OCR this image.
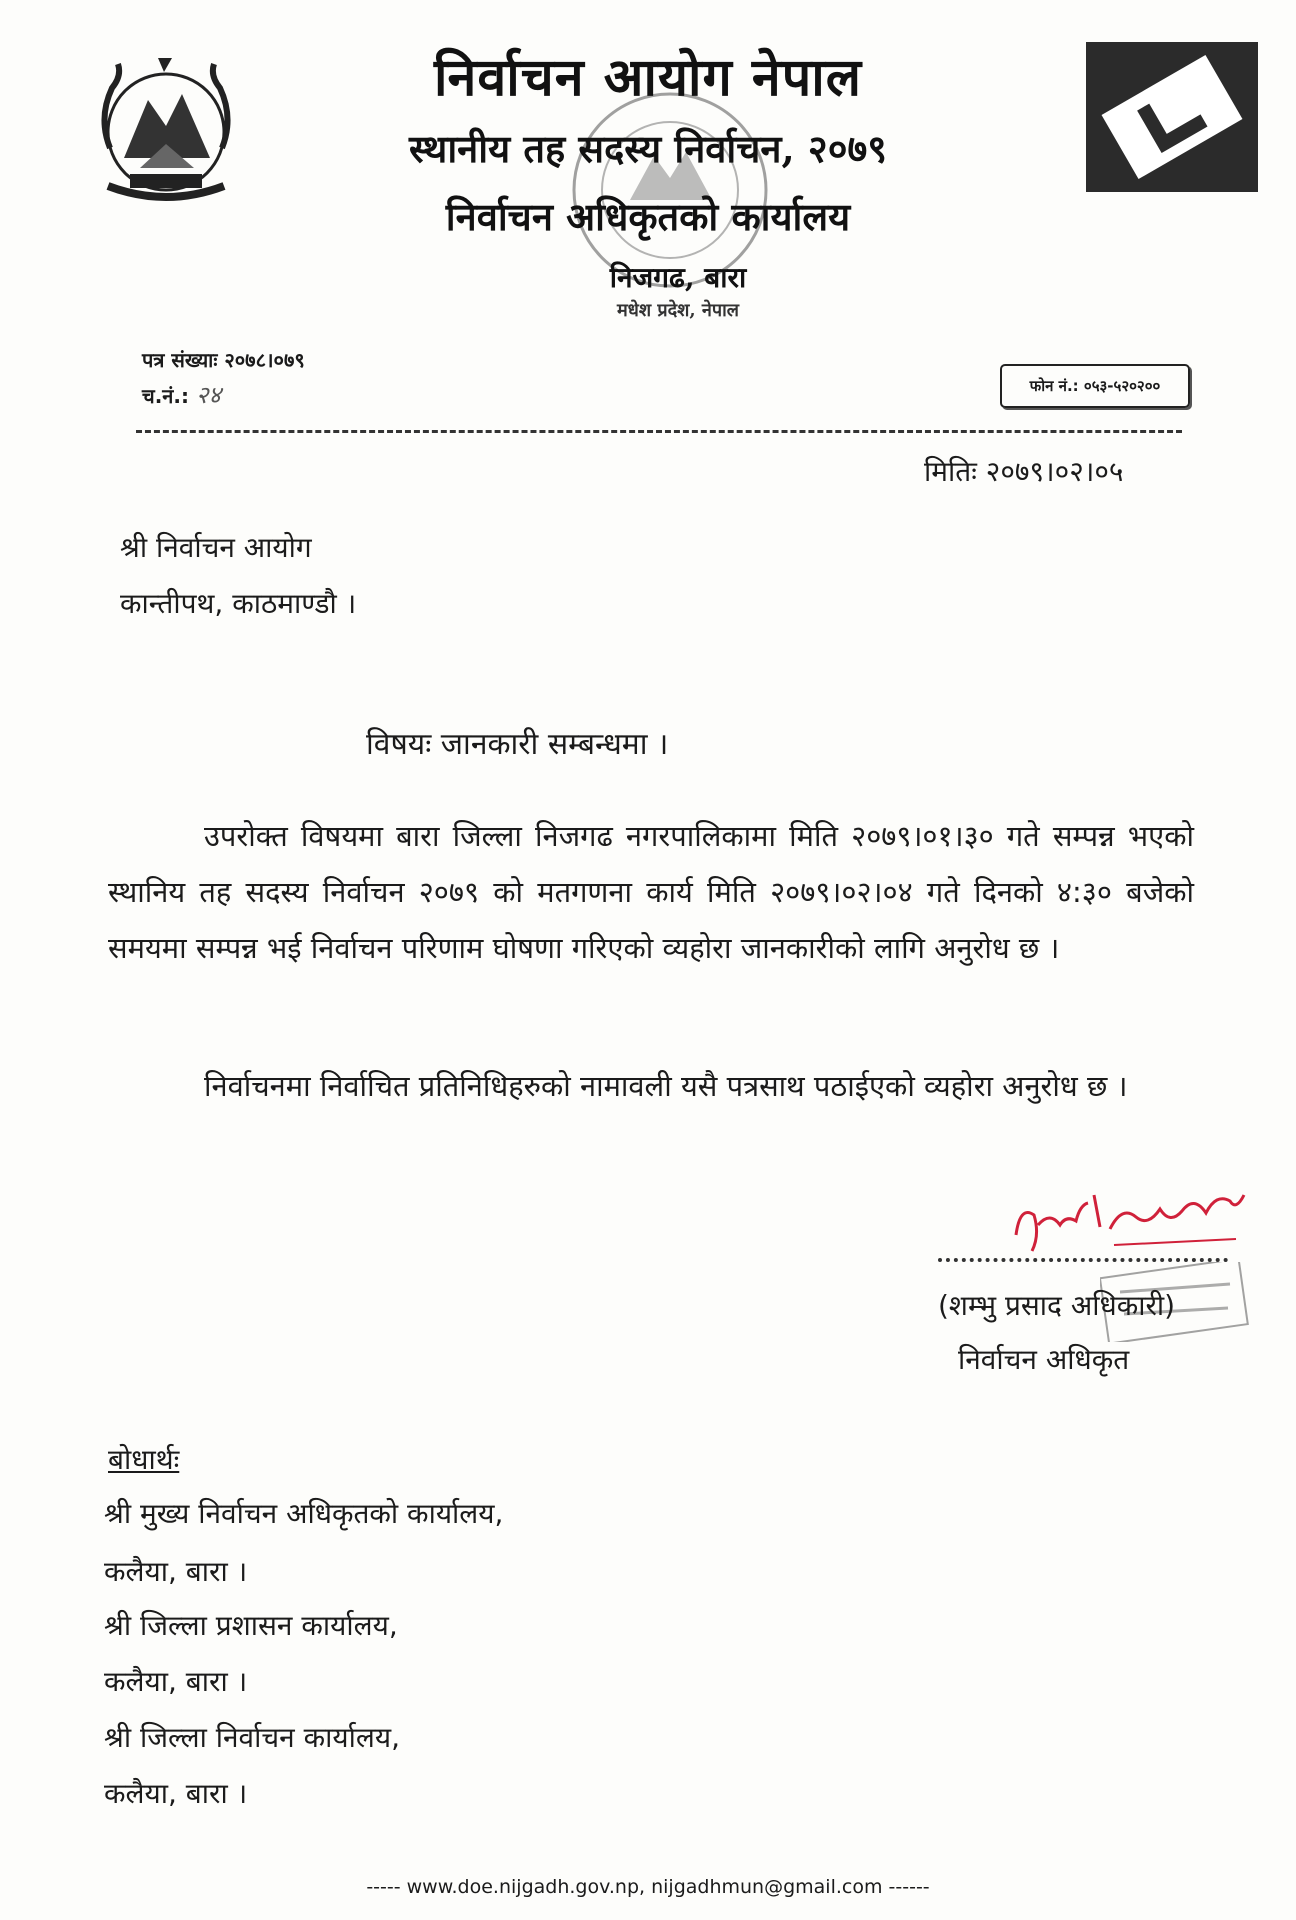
निर्वाचन आयोग नेपाल
स्थानीय तह सदस्य निर्वाचन, २०७९
निर्वाचन अधिकृतको कार्यालय
निजगढ, बारा
मधेश प्रदेश, नेपाल
पत्र संख्याः २०७८।०७९
च.नं.: २४	फोन नं.: ०५३-५२०२००
मितिः २०७९।०२।०५
श्री निर्वाचन आयोग
कान्तीपथ, काठमाण्डौ ।
विषयः जानकारी सम्बन्धमा ।
उपरोक्त विषयमा बारा जिल्ला निजगढ नगरपालिकामा मिति २०७९।०१।३० गते सम्पन्न भएको स्थानिय तह सदस्य निर्वाचन २०७९ को मतगणना कार्य मिति २०७९।०२।०४ गते दिनको ४:३० बजेको समयमा सम्पन्न भई निर्वाचन परिणाम घोषणा गरिएको व्यहोरा जानकारीको लागि अनुरोध छ ।
निर्वाचनमा निर्वाचित प्रतिनिधिहरुको नामावली यसै पत्रसाथ पठाईएको व्यहोरा अनुरोध छ ।
(शम्भु प्रसाद अधिकारी)
निर्वाचन अधिकृत
बोधार्थः
श्री मुख्य निर्वाचन अधिकृतको कार्यालय,
कलैया, बारा ।
श्री जिल्ला प्रशासन कार्यालय,
कलैया, बारा ।
श्री जिल्ला निर्वाचन कार्यालय,
कलैया, बारा ।
----- www.doe.nijgadh.gov.np, nijgadhmun@gmail.com ------
